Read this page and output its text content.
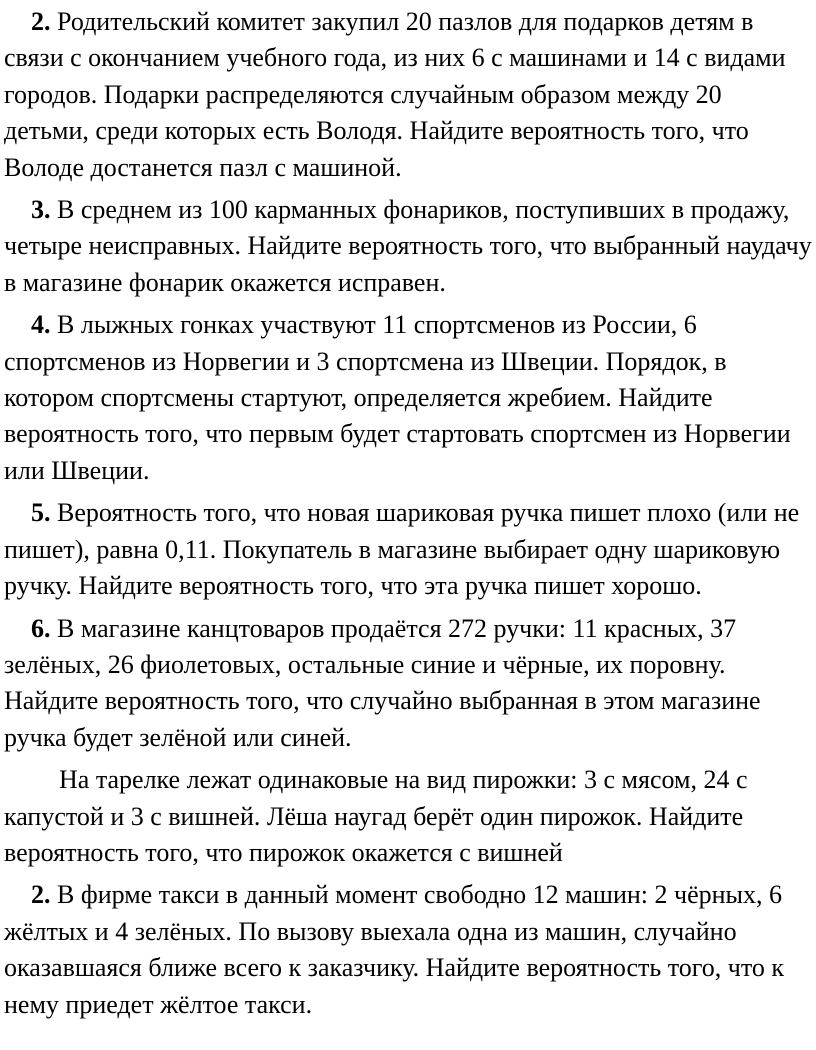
2. Родительский комитет закупил 20 пазлов для подарков детям в связи с окончанием учебного года, из них 6 с машинами и 14 с видами городов. Подарки распределяются случайным образом между 20 детьми, среди которых есть Володя. Найдите вероятность того, что Володе достанется пазл с машиной.

3. В среднем из 100 карманных фонариков, поступивших в продажу, четыре неисправных. Найдите вероятность того, что выбранный наудачу в магазине фонарик окажется исправен.

4. В лыжных гонках участвуют 11 спортсменов из России, 6 спортсменов из Норвегии и 3 спортсмена из Швеции. Порядок, в котором спортсмены стартуют, определяется жребием. Найдите вероятность того, что первым будет стартовать спортсмен из Норвегии или Швеции.

5. Вероятность того, что новая шариковая ручка пишет плохо (или не пишет), равна 0,11. Покупатель в магазине выбирает одну шариковую ручку. Найдите вероятность того, что эта ручка пишет хорошо.

6. В магазине канцтоваров продаётся 272 ручки: 11 красных, 37 зелёных, 26 фиолетовых, остальные синие и чёрные, их поровну. Найдите вероятность того, что случайно выбранная в этом магазине ручка будет зелёной или синей.

На тарелке лежат одинаковые на вид пирожки: 3 с мясом, 24 с капустой и 3 с вишней. Лёша наугад берёт один пирожок. Найдите вероятность того, что пирожок окажется с вишней

2. В фирме такси в данный момент свободно 12 машин: 2 чёрных, 6 жёлтых и 4 зелёных. По вызову выехала одна из машин, случайно оказавшаяся ближе всего к заказчику. Найдите вероятность того, что к нему приедет жёлтое такси.
